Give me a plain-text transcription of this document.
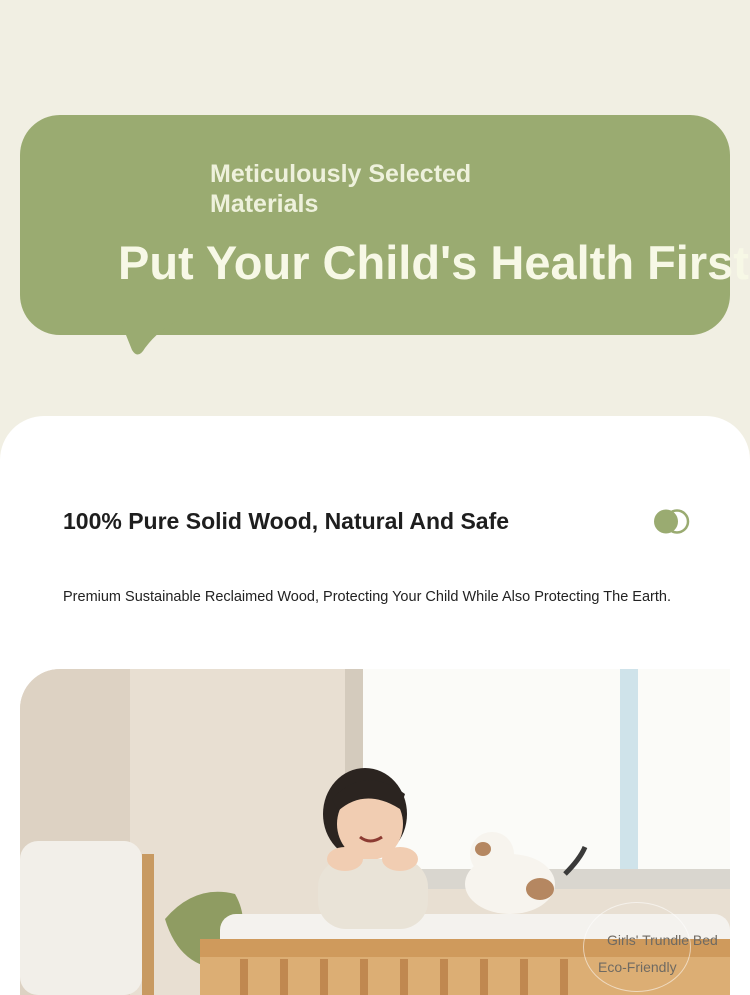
Meticulously Selected
Materials
Put Your Child's Health First
100% Pure Solid Wood, Natural And Safe
Premium Sustainable Reclaimed Wood, Protecting Your Child While Also Protecting The Earth.
Girls' Trundle Bed
Eco-Friendly
